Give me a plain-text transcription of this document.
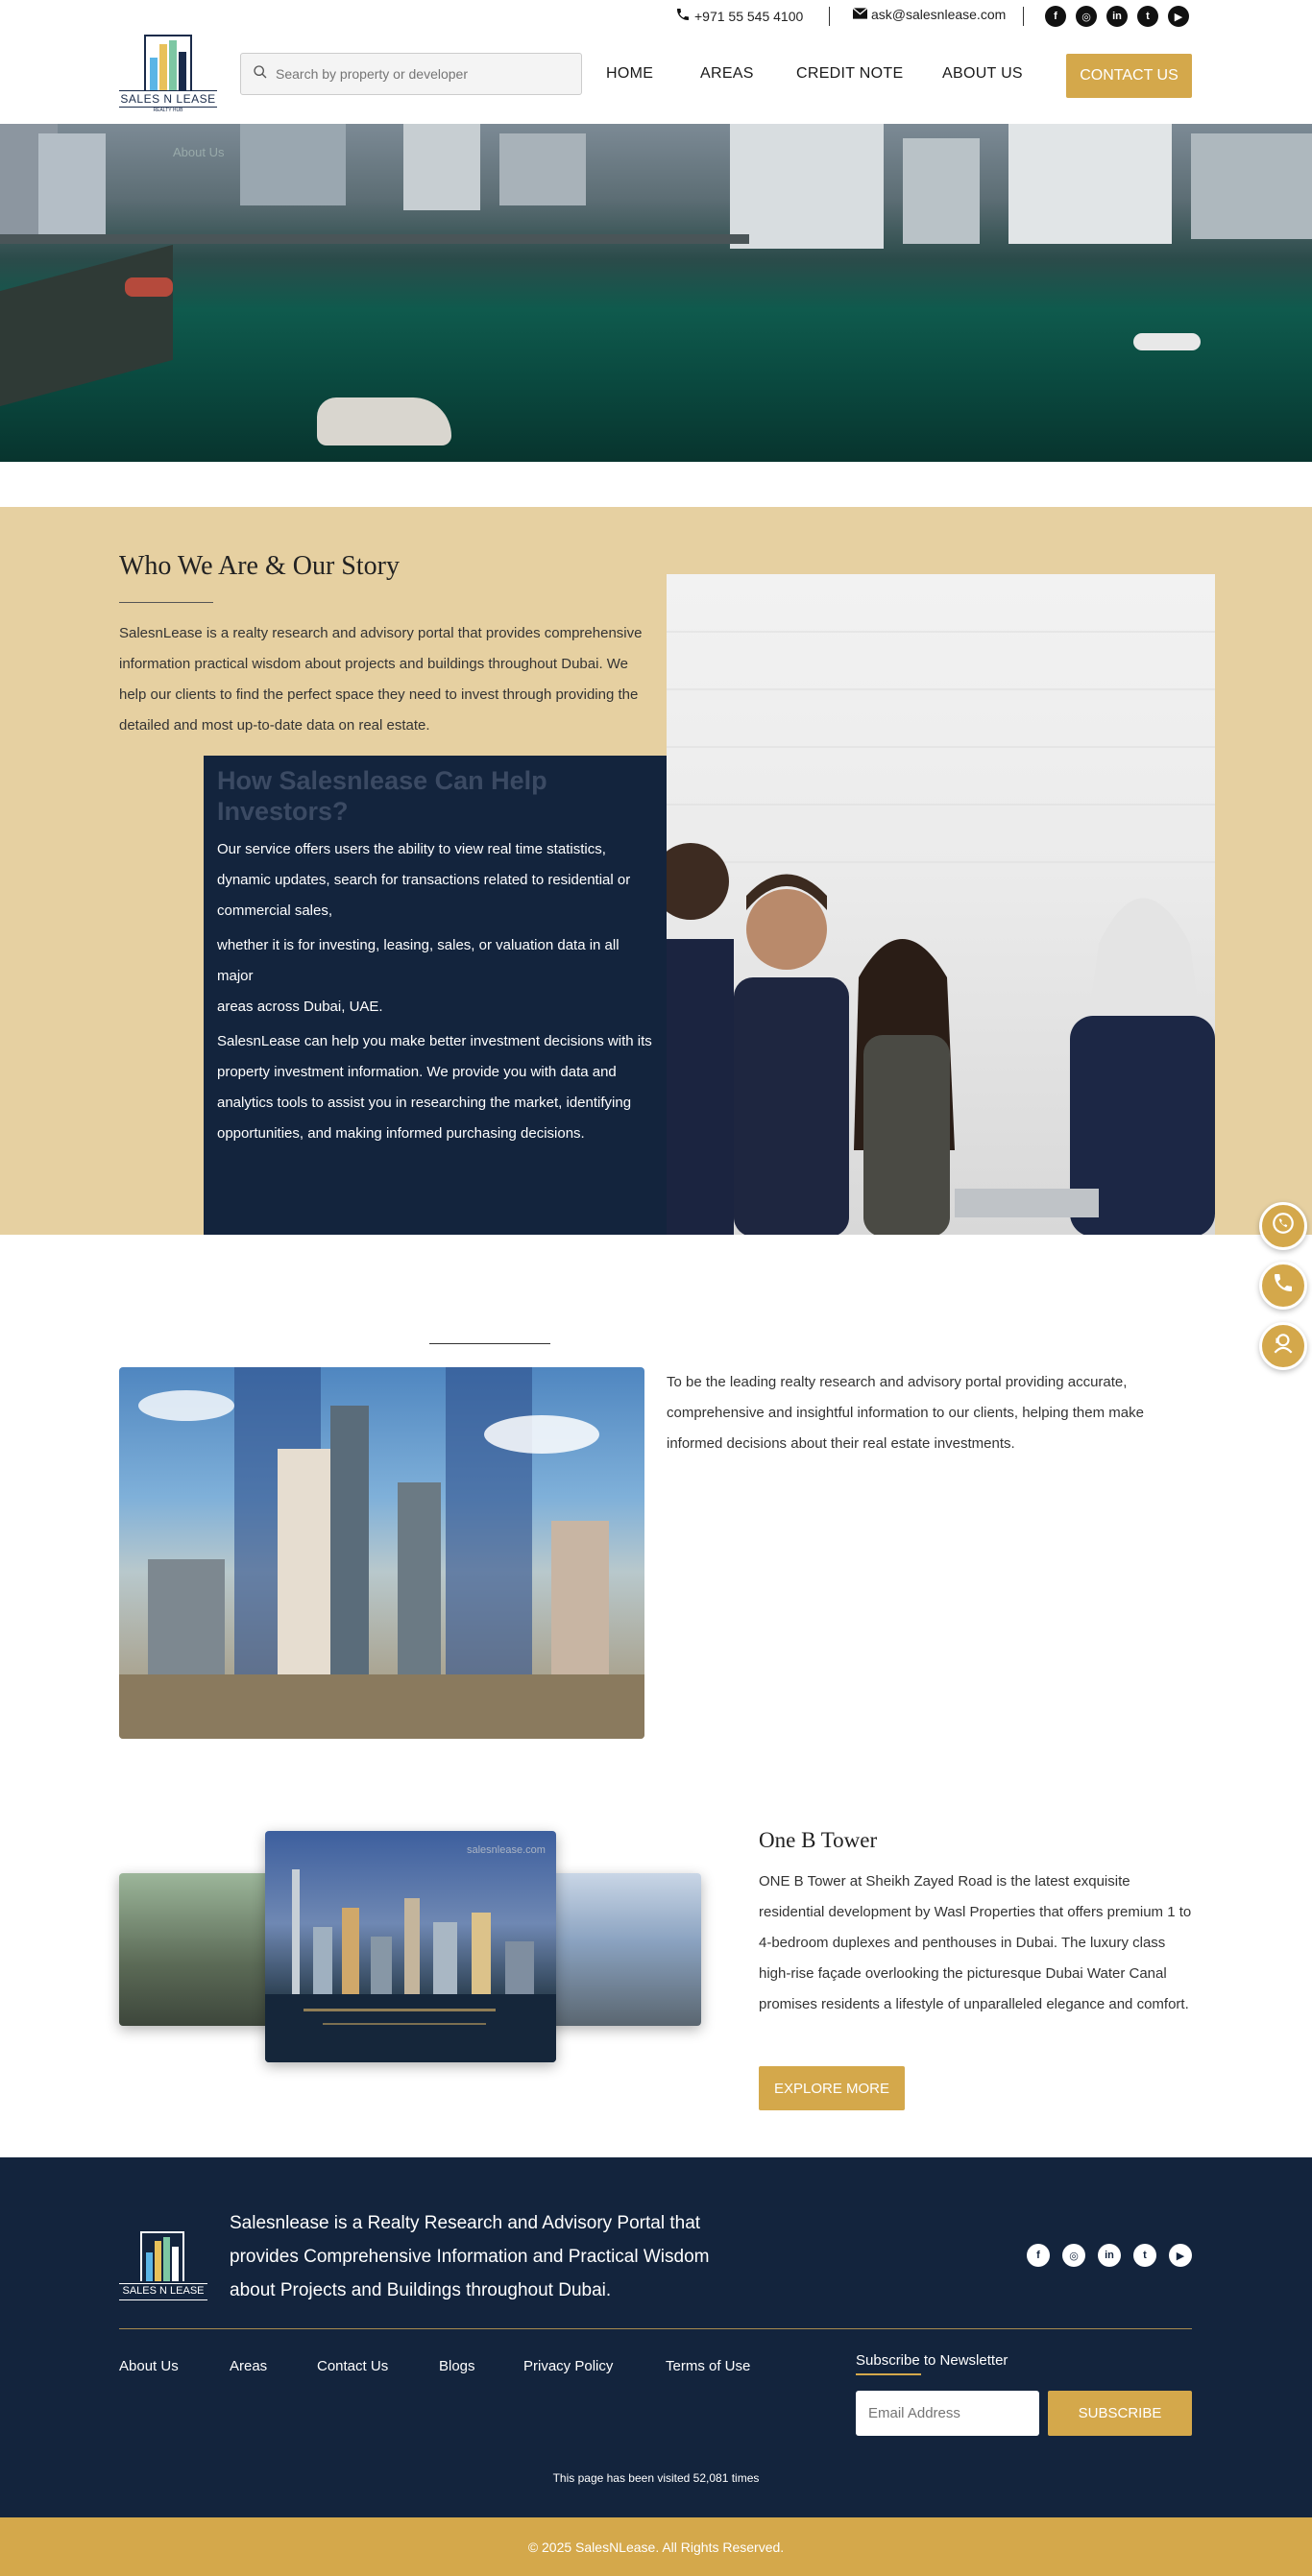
+971 55 545 4100	ask@salesnlease.com	f	◎	in	t	▶
SALES N LEASE
REALTY HUB
Search by property or developer
HOME	AREAS	CREDIT NOTE	ABOUT US	CONTACT US
About Us
Who We Are & Our Story
SalesnLease is a realty research and advisory portal that provides comprehensive information practical wisdom about projects and buildings throughout Dubai. We help our clients to find the perfect space they need to invest through providing the detailed and most up-to-date data on real estate.
How Salesnlease Can Help Investors?

Our service offers users the ability to view real time statistics, dynamic updates, search for transactions related to residential or commercial sales,

whether it is for investing, leasing, sales, or valuation data in all major

areas across Dubai, UAE.

SalesnLease can help you make better investment decisions with its property investment information. We provide you with data and analytics tools to assist you in researching the market, identifying opportunities, and making informed purchasing decisions.

To be the leading realty research and advisory portal providing accurate, comprehensive and insightful information to our clients, helping them make informed decisions about their real estate investments.
salesnlease.com	One B Tower
ONE B Tower at Sheikh Zayed Road is the latest exquisite residential development by Wasl Properties that offers premium 1 to 4-bedroom duplexes and penthouses in Dubai. The luxury class high-rise façade overlooking the picturesque Dubai Water Canal promises residents a lifestyle of unparalleled elegance and comfort.
EXPLORE MORE
SALES N LEASE
Salesnlease is a Realty Research and Advisory Portal that provides Comprehensive Information and Practical Wisdom about Projects and Buildings throughout Dubai.
f	◎	in	t	▶
About Us	Areas	Contact Us	Blogs	Privacy Policy	Terms of Use	Subscribe to Newsletter
Email Address
SUBSCRIBE
This page has been visited 52,081 times
© 2025 SalesNLease. All Rights Reserved.
